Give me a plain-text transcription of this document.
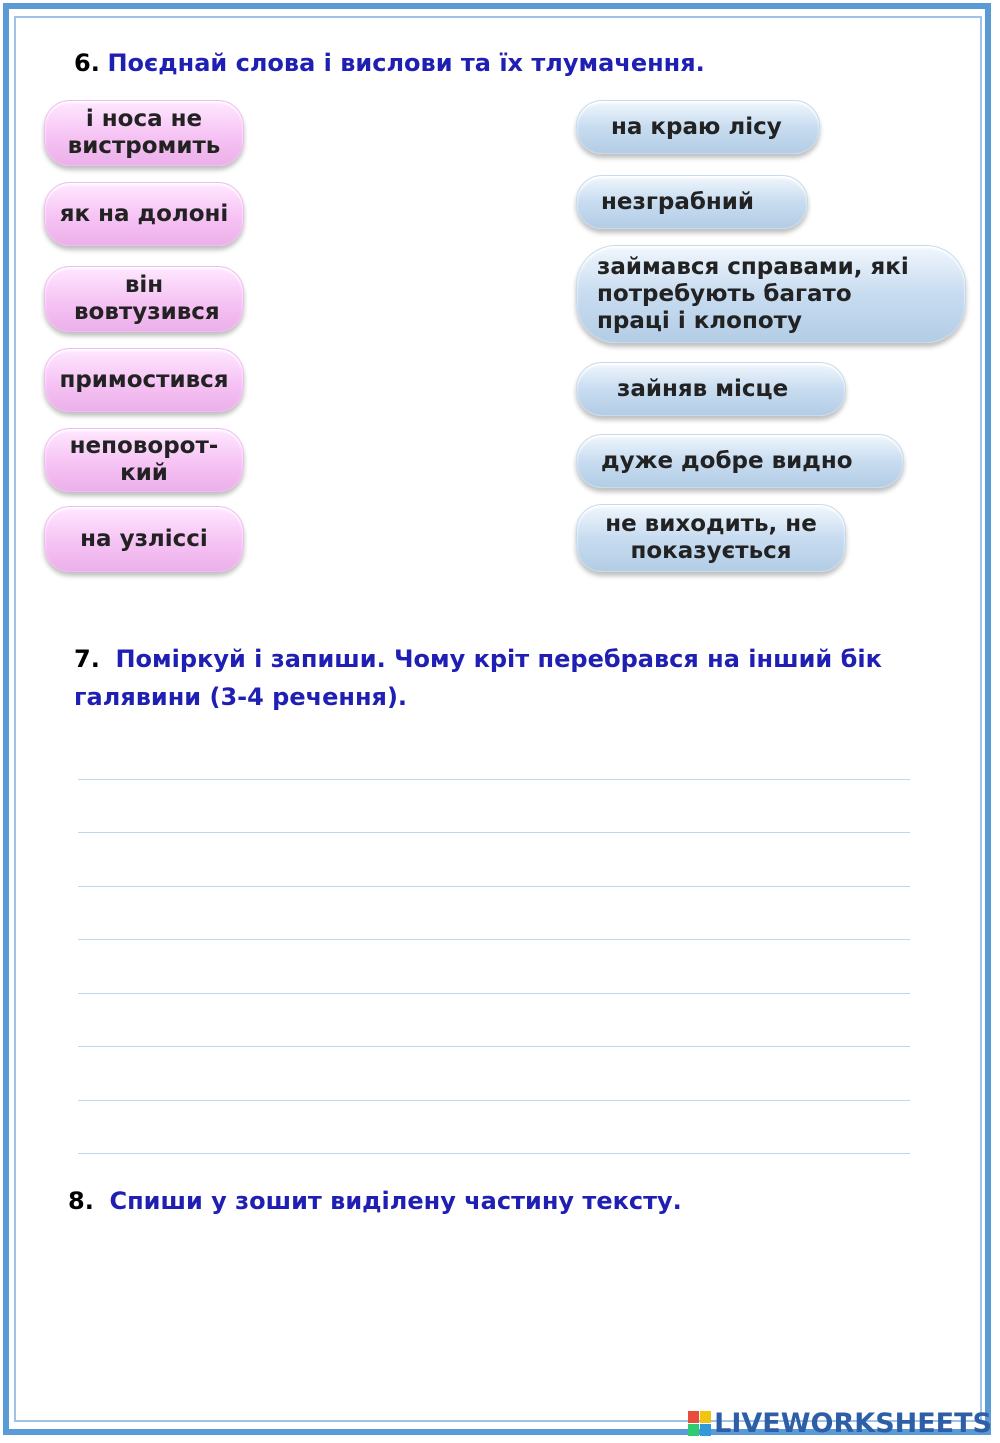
6. Поєднай слова і вислови та їх тлумачення.
і носа не вистромить
як на долоні
він вовтузився
примостився
неповорот-кий
на узліссі
на краю лісу
незграбний
займався справами, які потребують багато праці і клопоту
зайняв місце
дуже добре видно
не виходить, не показується
7. Поміркуй і запиши. Чому кріт перебрався на інший бік галявини (3-4 речення).
8. Спиши у зошит виділену частину тексту.
LIVEWORKSHEETS
